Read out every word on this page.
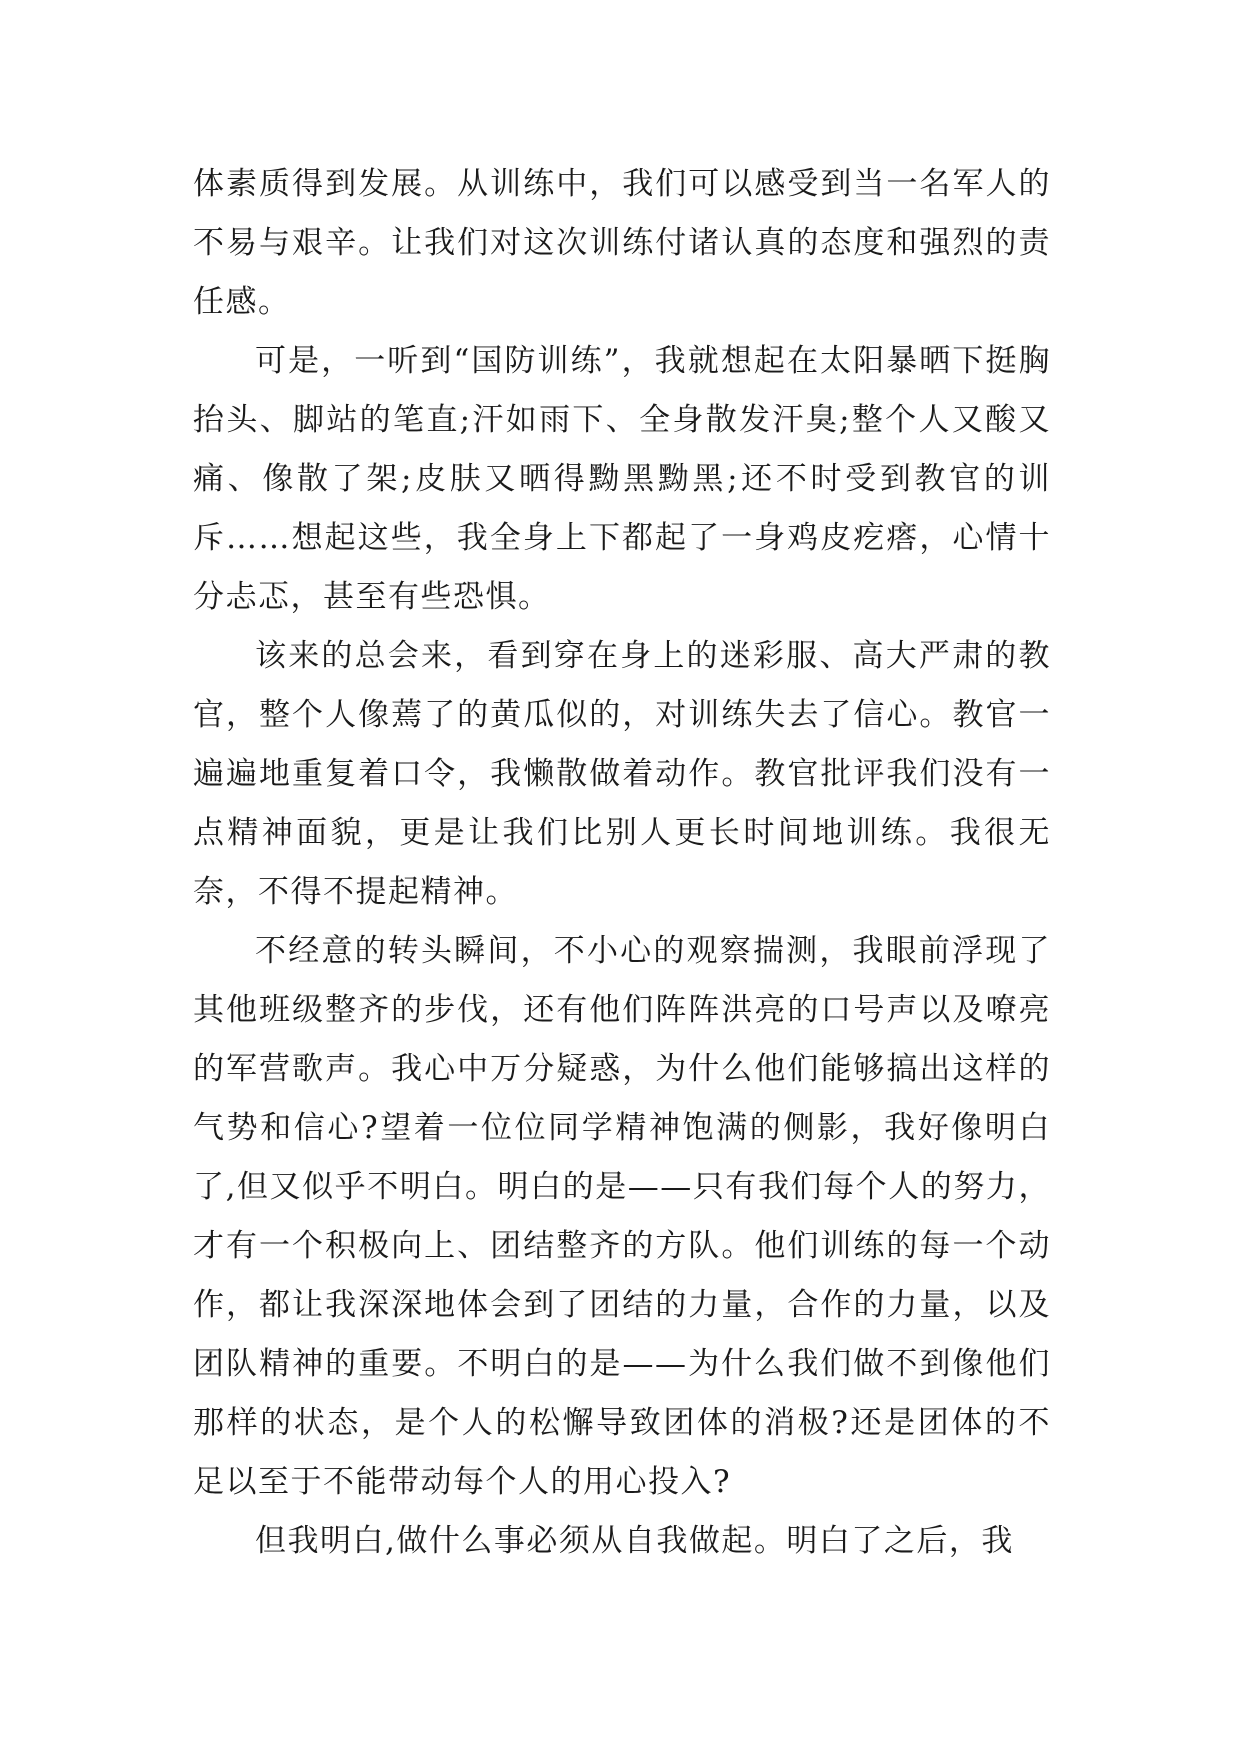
体素质得到发展。从训练中，我们可以感受到当一名军人的不易与艰辛。让我们对这次训练付诸认真的态度和强烈的责任感。

可是，一听到“国防训练”，我就想起在太阳暴晒下挺胸抬头、脚站的笔直;汗如雨下、全身散发汗臭;整个人又酸又痛、像散了架;皮肤又晒得黝黑黝黑;还不时受到教官的训斥……想起这些，我全身上下都起了一身鸡皮疙瘩，心情十分忐忑，甚至有些恐惧。

该来的总会来，看到穿在身上的迷彩服、高大严肃的教官，整个人像蔫了的黄瓜似的，对训练失去了信心。教官一遍遍地重复着口令，我懒散做着动作。教官批评我们没有一点精神面貌，更是让我们比别人更长时间地训练。我很无奈，不得不提起精神。

不经意的转头瞬间，不小心的观察揣测，我眼前浮现了其他班级整齐的步伐，还有他们阵阵洪亮的口号声以及嘹亮的军营歌声。我心中万分疑惑，为什么他们能够搞出这样的气势和信心?望着一位位同学精神饱满的侧影，我好像明白了,但又似乎不明白。明白的是——只有我们每个人的努力，才有一个积极向上、团结整齐的方队。他们训练的每一个动作，都让我深深地体会到了团结的力量，合作的力量，以及团队精神的重要。不明白的是——为什么我们做不到像他们那样的状态，是个人的松懈导致团体的消极?还是团体的不足以至于不能带动每个人的用心投入?

但我明白,做什么事必须从自我做起。明白了之后，我
